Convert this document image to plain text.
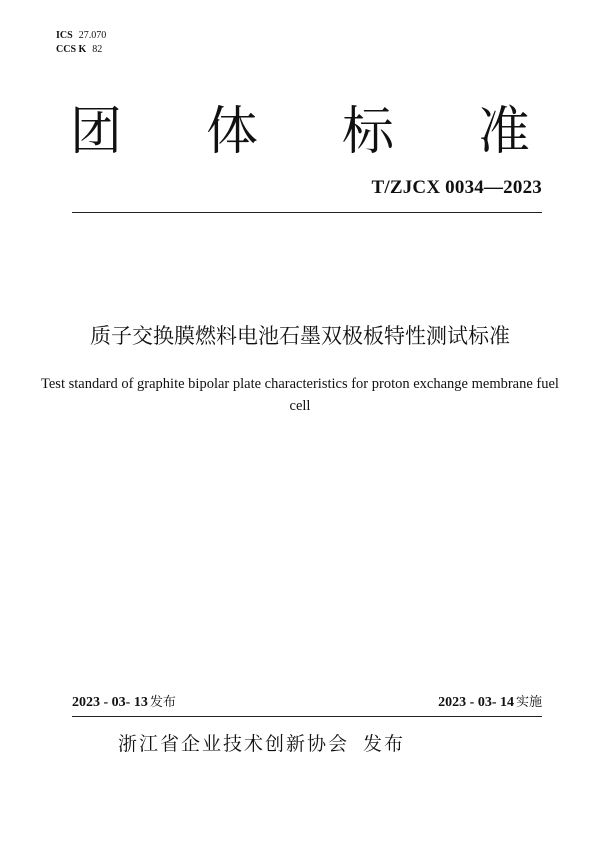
ICS 27.070
CCS K 82
团 体 标 准
T/ZJCX 0034—2023
质子交换膜燃料电池石墨双极板特性测试标准
Test standard of graphite bipolar plate characteristics for proton exchange membrane fuel cell
2023 - 03- 13 发布	2023 - 03- 14 实施
浙江省企业技术创新协会 发布
